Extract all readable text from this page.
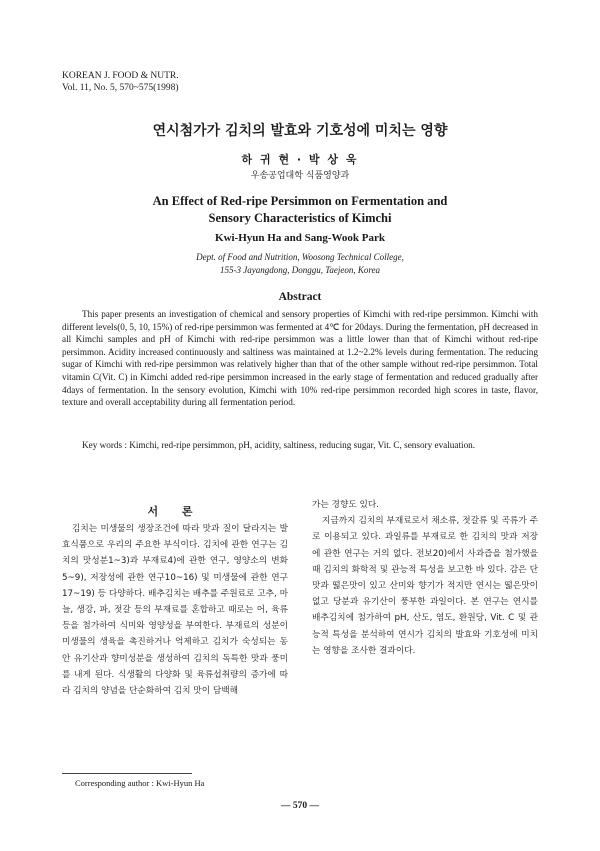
KOREAN J. FOOD & NUTR.
Vol. 11, No. 5, 570~575(1998)
연시첨가가 김치의 발효와 기호성에 미치는 영향
하 귀 현 · 박 상 욱
우송공업대학 식품영양과
An Effect of Red-ripe Persimmon on Fermentation and
Sensory Characteristics of Kimchi
Kwi-Hyun Ha and Sang-Wook Park
Dept. of Food and Nutrition, Woosong Technical College,
155-3 Jayangdong, Donggu, Taejeon, Korea
Abstract

This paper presents an investigation of chemical and sensory properties of Kimchi with red-ripe persimmon. Kimchi with different levels(0, 5, 10, 15%) of red-ripe persimmon was fermented at 4℃ for 20days. During the fermentation, pH decreased in all Kimchi samples and pH of Kimchi with red-ripe persimmon was a little lower than that of Kimchi without red-ripe persimmon. Acidity increased continuously and saltiness was maintained at 1.2~2.2% levels during fermentation. The reducing sugar of Kimchi with red-ripe persimmon was relatively higher than that of the other sample without red-ripe persimmon. Total vitamin C(Vit. C) in Kimchi added red-ripe persimmon increased in the early stage of fermentation and reduced gradually after 4days of fermentation. In the sensory evolution, Kimchi with 10% red-ripe persimmon recorded high scores in taste, flavor, texture and overall acceptability during all fermentation period.

Key words : Kimchi, red-ripe persimmon, pH, acidity, saltiness, reducing sugar, Vit. C, sensory evaluation.

서 론

김치는 미생물의 생장조건에 따라 맛과 질이 달라지는 발효식품으로 우리의 주요한 부식이다. 김치에 관한 연구는 김치의 맛성분1~3)과 부재료4)에 관한 연구, 영양소의 변화5~9), 저장성에 관한 연구10~16) 및 미생물에 관한 연구17~19) 등 다양하다. 배추김치는 배추를 주원료로 고추, 마늘, 생강, 파, 젓갈 등의 부재료를 혼합하고 때로는 어, 육류 등을 첨가하여 식미와 영양성을 부여한다. 부재료의 성분이 미생물의 생육을 촉진하거나 억제하고 김치가 숙성되는 동안 유기산과 향미성분을 생성하여 김치의 독특한 맛과 풍미를 내게 된다. 식생활의 다양화 및 육류섭취량의 증가에 따라 김치의 양념을 단순화하여 김치 맛이 담백해

가는 경향도 있다.

지금까지 김치의 부재료로서 채소류, 젓갈류 및 곡류가 주로 이용되고 있다. 과일류를 부재료로 한 김치의 맛과 저장에 관한 연구는 거의 없다. 전보20)에서 사과즙을 첨가했을 때 김치의 화학적 및 관능적 특성을 보고한 바 있다. 감은 단맛과 떫은맛이 있고 산미와 향기가 적지만 연시는 떫은맛이 없고 당분과 유기산이 풍부한 과일이다. 본 연구는 연시를 배추김치에 첨가하여 pH, 산도, 염도, 환원당, Vit. C 및 관능적 특성을 분석하여 연시가 김치의 발효와 기호성에 미치는 영향을 조사한 결과이다.

Corresponding author : Kwi-Hyun Ha
— 570 —
